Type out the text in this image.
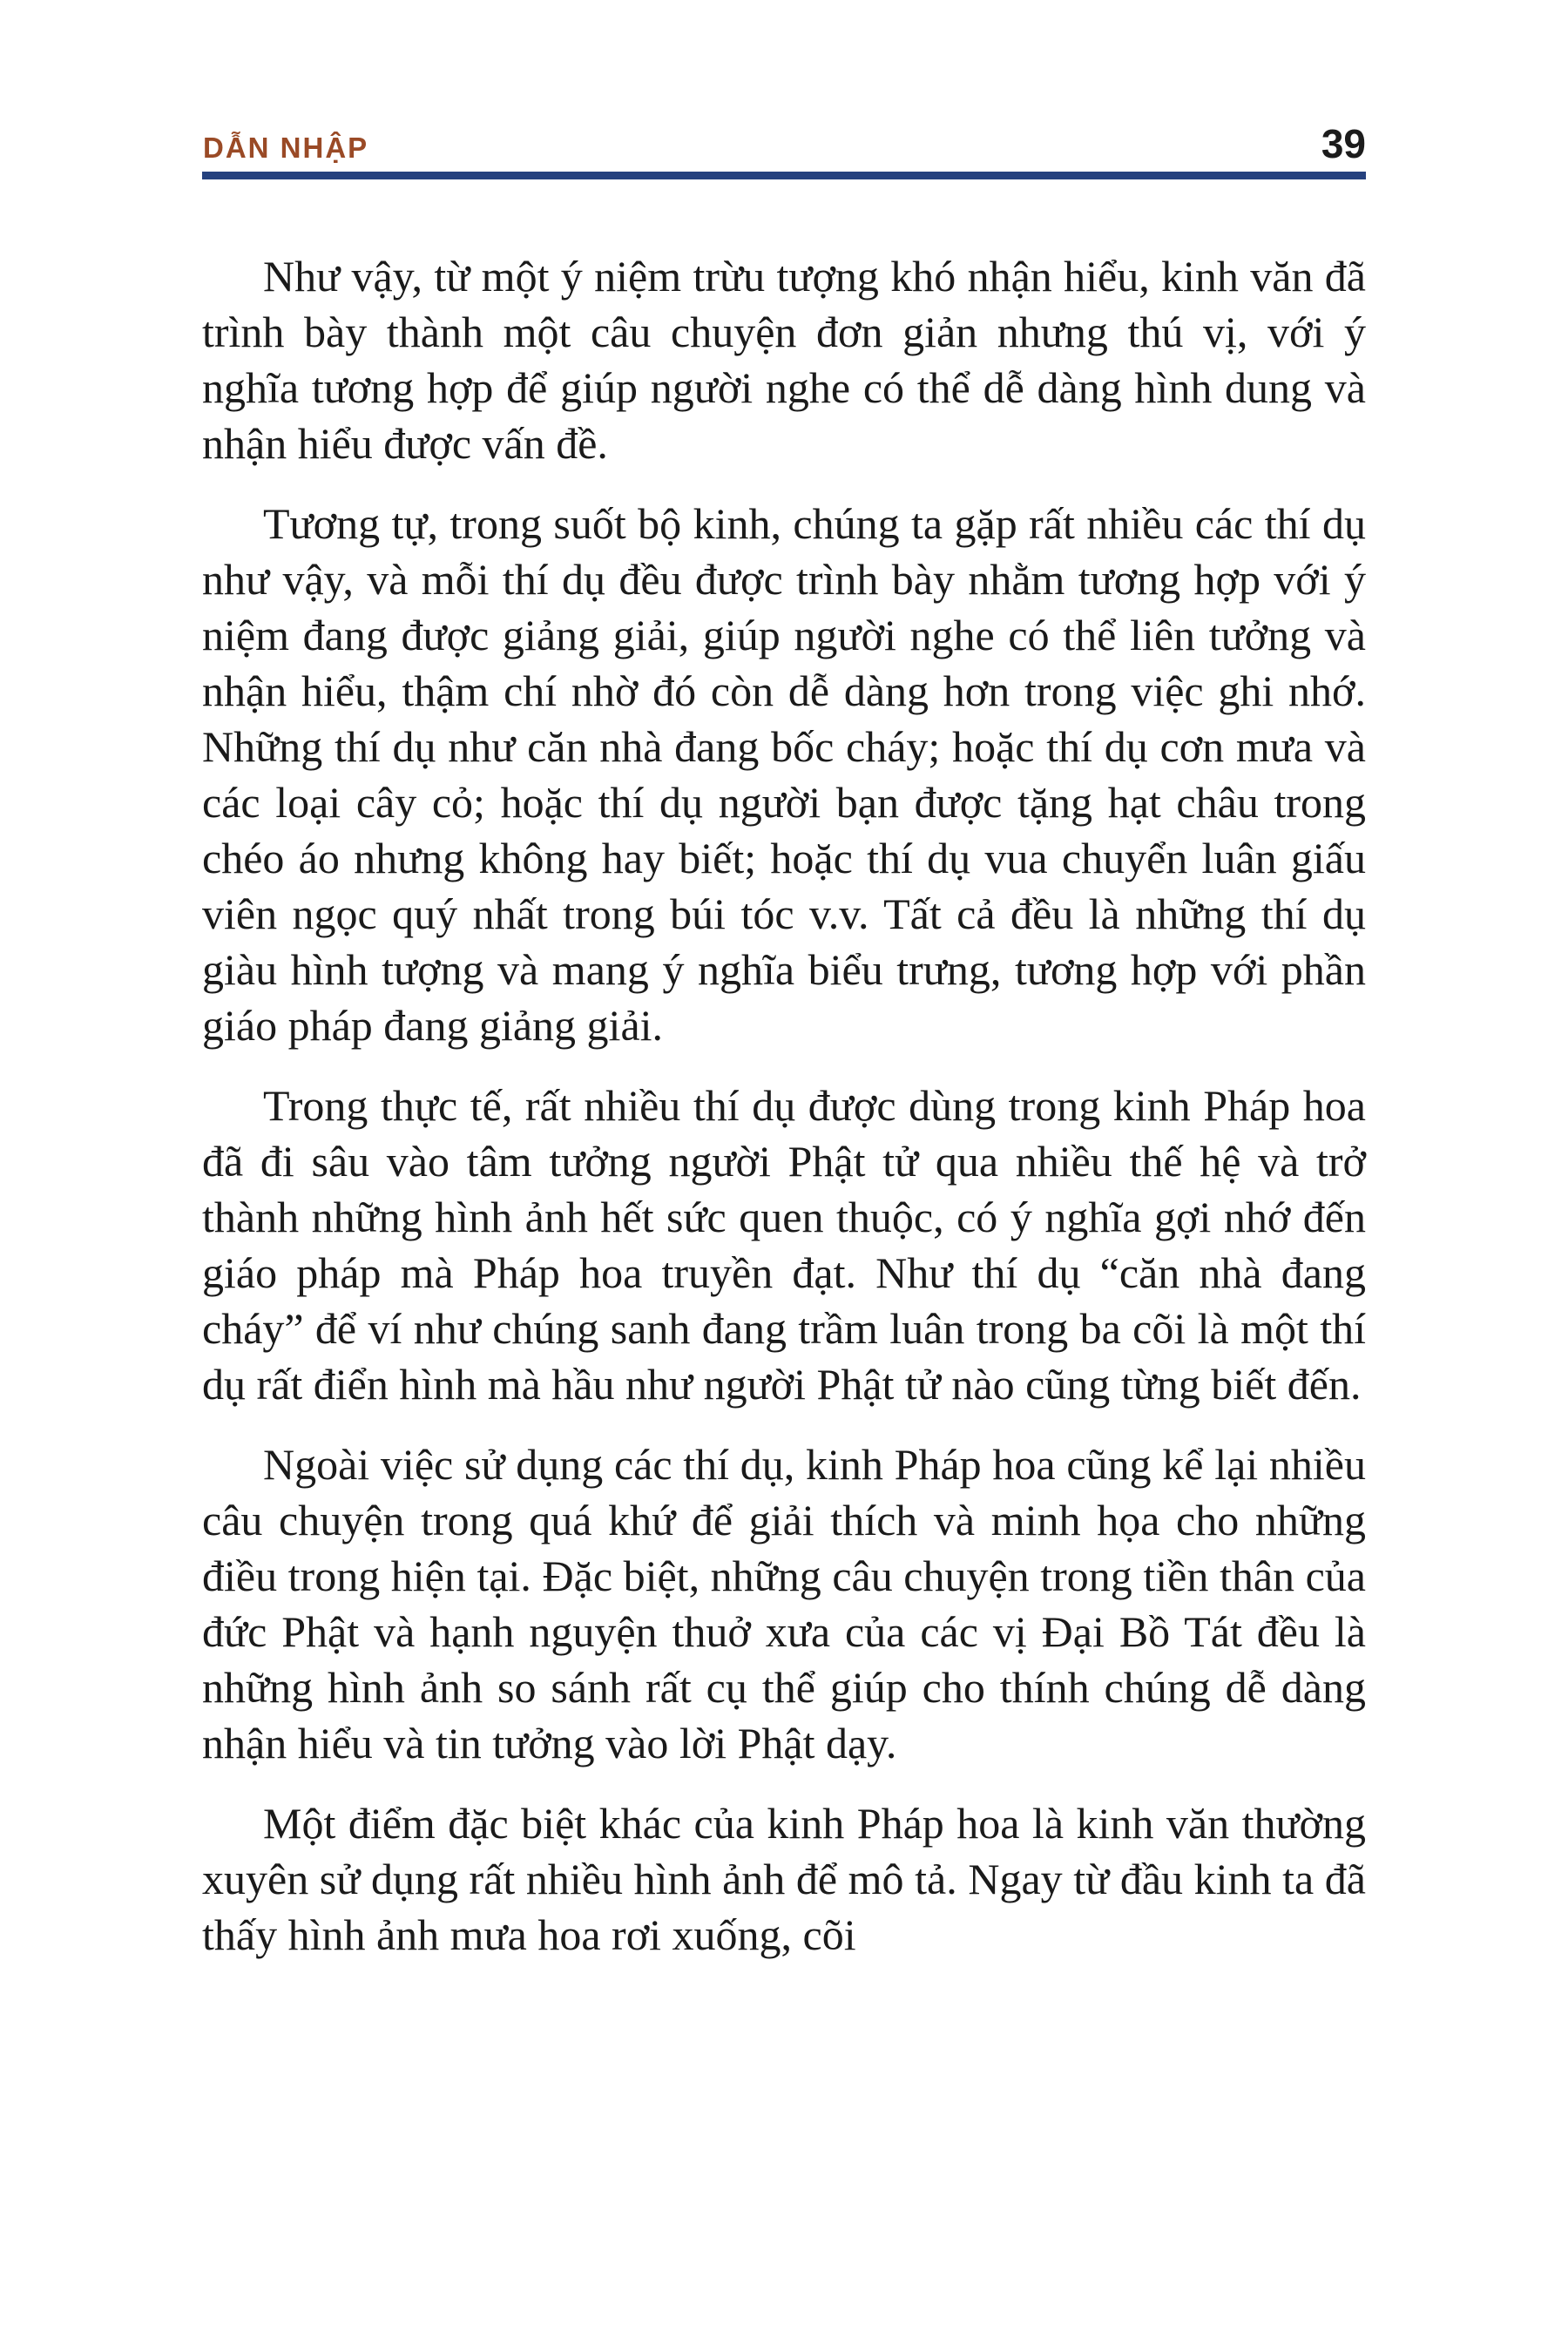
DẪN NHẬP	39

Như vậy, từ một ý niệm trừu tượng khó nhận hiểu, kinh văn đã trình bày thành một câu chuyện đơn giản nhưng thú vị, với ý nghĩa tương hợp để giúp người nghe có thể dễ dàng hình dung và nhận hiểu được vấn đề.

Tương tự, trong suốt bộ kinh, chúng ta gặp rất nhiều các thí dụ như vậy, và mỗi thí dụ đều được trình bày nhằm tương hợp với ý niệm đang được giảng giải, giúp người nghe có thể liên tưởng và nhận hiểu, thậm chí nhờ đó còn dễ dàng hơn trong việc ghi nhớ. Những thí dụ như căn nhà đang bốc cháy; hoặc thí dụ cơn mưa và các loại cây cỏ; hoặc thí dụ người bạn được tặng hạt châu trong chéo áo nhưng không hay biết; hoặc thí dụ vua chuyển luân giấu viên ngọc quý nhất trong búi tóc v.v. Tất cả đều là những thí dụ giàu hình tượng và mang ý nghĩa biểu trưng, tương hợp với phần giáo pháp đang giảng giải.

Trong thực tế, rất nhiều thí dụ được dùng trong kinh Pháp hoa đã đi sâu vào tâm tưởng người Phật tử qua nhiều thế hệ và trở thành những hình ảnh hết sức quen thuộc, có ý nghĩa gợi nhớ đến giáo pháp mà Pháp hoa truyền đạt. Như thí dụ “căn nhà đang cháy” để ví như chúng sanh đang trầm luân trong ba cõi là một thí dụ rất điển hình mà hầu như người Phật tử nào cũng từng biết đến.

Ngoài việc sử dụng các thí dụ, kinh Pháp hoa cũng kể lại nhiều câu chuyện trong quá khứ để giải thích và minh họa cho những điều trong hiện tại. Đặc biệt, những câu chuyện trong tiền thân của đức Phật và hạnh nguyện thuở xưa của các vị Đại Bồ Tát đều là những hình ảnh so sánh rất cụ thể giúp cho thính chúng dễ dàng nhận hiểu và tin tưởng vào lời Phật dạy.

Một điểm đặc biệt khác của kinh Pháp hoa là kinh văn thường xuyên sử dụng rất nhiều hình ảnh để mô tả. Ngay từ đầu kinh ta đã thấy hình ảnh mưa hoa rơi xuống, cõi
